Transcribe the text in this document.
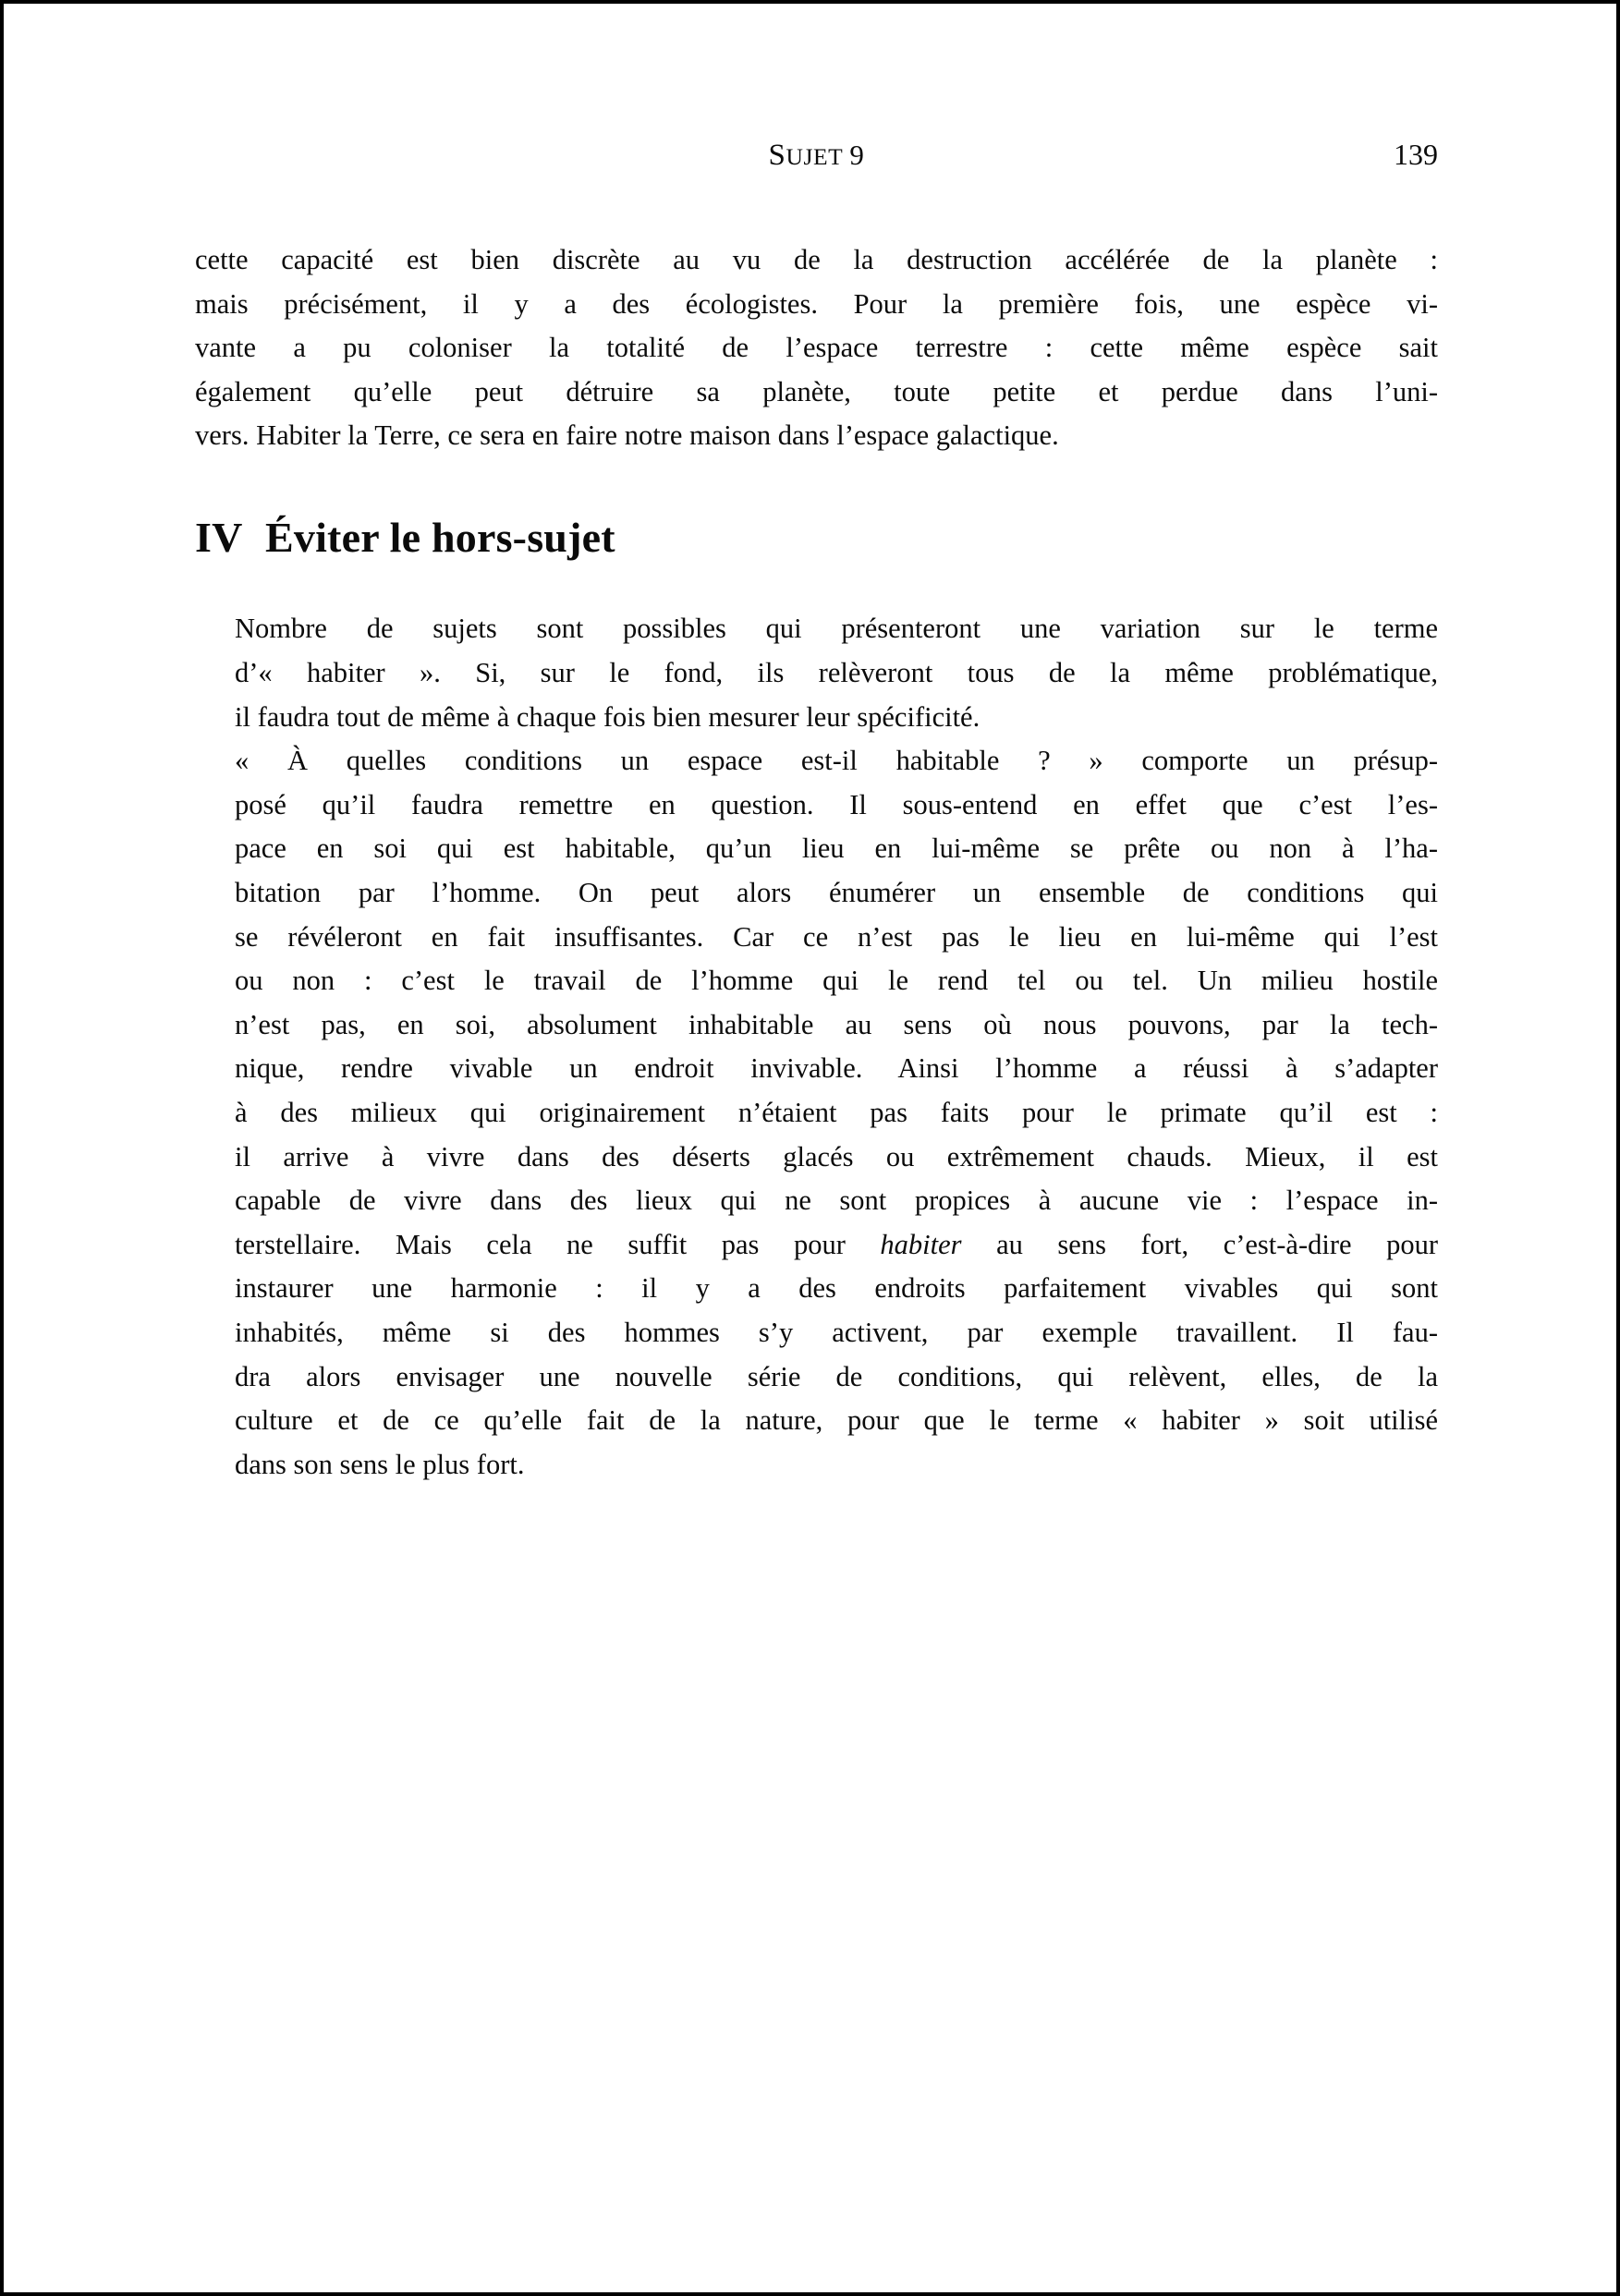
SUJET 9	139

cette capacité est bien discrète au vu de la destruction accélérée de la planète :
mais précisément, il y a des écologistes. Pour la première fois, une espèce vi-
vante a pu coloniser la totalité de l’espace terrestre : cette même espèce sait
également qu’elle peut détruire sa planète, toute petite et perdue dans l’uni-
vers. Habiter la Terre, ce sera en faire notre maison dans l’espace galactique.

IV Éviter le hors-sujet

Nombre de sujets sont possibles qui présenteront une variation sur le terme
d’« habiter ». Si, sur le fond, ils relèveront tous de la même problématique,
il faudra tout de même à chaque fois bien mesurer leur spécificité.

« À quelles conditions un espace est-il habitable ? » comporte un présup-
posé qu’il faudra remettre en question. Il sous-entend en effet que c’est l’es-
pace en soi qui est habitable, qu’un lieu en lui-même se prête ou non à l’ha-
bitation par l’homme. On peut alors énumérer un ensemble de conditions qui
se révéleront en fait insuffisantes. Car ce n’est pas le lieu en lui-même qui l’est
ou non : c’est le travail de l’homme qui le rend tel ou tel. Un milieu hostile
n’est pas, en soi, absolument inhabitable au sens où nous pouvons, par la tech-
nique, rendre vivable un endroit invivable. Ainsi l’homme a réussi à s’adapter
à des milieux qui originairement n’étaient pas faits pour le primate qu’il est :
il arrive à vivre dans des déserts glacés ou extrêmement chauds. Mieux, il est
capable de vivre dans des lieux qui ne sont propices à aucune vie : l’espace in-
terstellaire. Mais cela ne suffit pas pour habiter au sens fort, c’est-à-dire pour
instaurer une harmonie : il y a des endroits parfaitement vivables qui sont
inhabités, même si des hommes s’y activent, par exemple travaillent. Il fau-
dra alors envisager une nouvelle série de conditions, qui relèvent, elles, de la
culture et de ce qu’elle fait de la nature, pour que le terme « habiter » soit utilisé
dans son sens le plus fort.
